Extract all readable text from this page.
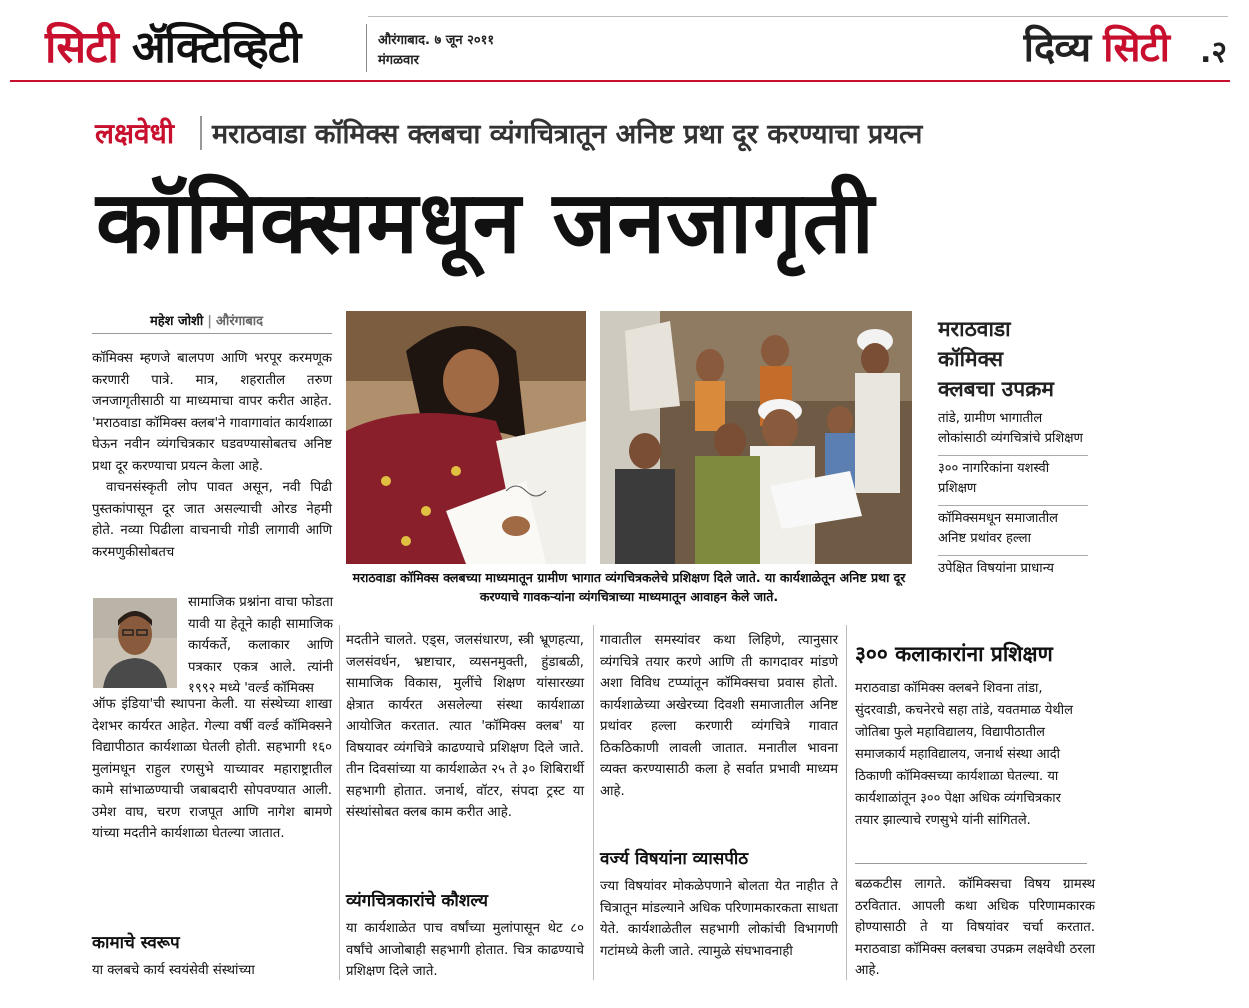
सिटी ॲक्टिव्हिटी	औरंगाबाद. ७ जून २०११
मंगळवार	दिव्य सिटी .२
लक्षवेधी मराठवाडा कॉमिक्स क्लबचा व्यंगचित्रातून अनिष्ट प्रथा दूर करण्याचा प्रयत्न
कॉमिक्समधून जनजागृती
महेश जोशी | औरंगाबाद

कॉमिक्स म्हणजे बालपण आणि भरपूर करमणूक करणारी पात्रे. मात्र, शहरातील तरुण जनजागृतीसाठी या माध्यमाचा वापर करीत आहेत. 'मराठवाडा कॉमिक्स क्लब'ने गावागावांत कार्यशाळा घेऊन नवीन व्यंगचित्रकार घडवण्यासोबतच अनिष्ट प्रथा दूर करण्याचा प्रयत्न केला आहे.

वाचनसंस्कृती लोप पावत असून, नवी पिढी पुस्तकांपासून दूर जात असल्याची ओरड नेहमी होते. नव्या पिढीला वाचनाची गोडी लागावी आणि करमणुकीसोबतच

सामाजिक प्रश्नांना वाचा फोडता यावी या हेतूने काही सामाजिक कार्यकर्ते, कलाकार आणि पत्रकार एकत्र आले. त्यांनी १९९२ मध्ये 'वर्ल्ड कॉमिक्स

ऑफ इंडिया'ची स्थापना केली. या संस्थेच्या शाखा देशभर कार्यरत आहेत. गेल्या वर्षी वर्ल्ड कॉमिक्सने विद्यापीठात कार्यशाळा घेतली होती. सहभागी १६० मुलांमधून राहुल रणसुभे याच्यावर महाराष्ट्रातील कामे सांभाळण्याची जबाबदारी सोपवण्यात आली. उमेश वाघ, चरण राजपूत आणि नागेश बामणे यांच्या मदतीने कार्यशाळा घेतल्या जातात.

कामाचे स्वरूप

या क्लबचे कार्य स्वयंसेवी संस्थांच्या

मराठवाडा कॉमिक्स क्लबच्या माध्यमातून ग्रामीण भागात व्यंगचित्रकलेचे प्रशिक्षण दिले जाते. या कार्यशाळेतून अनिष्ट प्रथा दूर करण्याचे गावकऱ्यांना व्यंगचित्राच्या माध्यमातून आवाहन केले जाते.

मदतीने चालते. एड्स, जलसंधारण, स्त्री भ्रूणहत्या, जलसंवर्धन, भ्रष्टाचार, व्यसनमुक्ती, हुंडाबळी, सामाजिक विकास, मुलींचे शिक्षण यांसारख्या क्षेत्रात कार्यरत असलेल्या संस्था कार्यशाळा आयोजित करतात. त्यात 'कॉमिक्स क्लब' या विषयावर व्यंगचित्रे काढण्याचे प्रशिक्षण दिले जाते. तीन दिवसांच्या या कार्यशाळेत २५ ते ३० शिबिरार्थी सहभागी होतात. जनार्थ, वॉटर, संपदा ट्रस्ट या संस्थांसोबत क्लब काम करीत आहे.

व्यंगचित्रकारांचे कौशल्य

या कार्यशाळेत पाच वर्षांच्या मुलांपासून थेट ८० वर्षांचे आजोबाही सहभागी होतात. चित्र काढण्याचे प्रशिक्षण दिले जाते.

गावातील समस्यांवर कथा लिहिणे, त्यानुसार व्यंगचित्रे तयार करणे आणि ती कागदावर मांडणे अशा विविध टप्प्यांतून कॉमिक्सचा प्रवास होतो. कार्यशाळेच्या अखेरच्या दिवशी समाजातील अनिष्ट प्रथांवर हल्ला करणारी व्यंगचित्रे गावात ठिकठिकाणी लावली जातात. मनातील भावना व्यक्त करण्यासाठी कला हे सर्वात प्रभावी माध्यम आहे.

वर्ज्य विषयांना व्यासपीठ

ज्या विषयांवर मोकळेपणाने बोलता येत नाहीत ते चित्रातून मांडल्याने अधिक परिणामकारकता साधता येते. कार्यशाळेतील सहभागी लोकांची विभागणी गटांमध्ये केली जाते. त्यामुळे संघभावनाही

मराठवाडा
कॉमिक्स
क्लबचा उपक्रम
तांडे, ग्रामीण भागातील लोकांसाठी व्यंगचित्रांचे प्रशिक्षण
३०० नागरिकांना यशस्वी प्रशिक्षण
कॉमिक्समधून समाजातील अनिष्ट प्रथांवर हल्ला
उपेक्षित विषयांना प्राधान्य
३०० कलाकारांना प्रशिक्षण
मराठवाडा कॉमिक्स क्लबने शिवना तांडा, सुंदरवाडी, कचनेरचे सहा तांडे, यवतमाळ येथील जोतिबा फुले महाविद्यालय, विद्यापीठातील समाजकार्य महाविद्यालय, जनार्थ संस्था आदी ठिकाणी कॉमिक्सच्या कार्यशाळा घेतल्या. या कार्यशाळांतून ३०० पेक्षा अधिक व्यंगचित्रकार तयार झाल्याचे रणसुभे यांनी सांगितले.

बळकटीस लागते. कॉमिक्सचा विषय ग्रामस्थ ठरवितात. आपली कथा अधिक परिणामकारक होण्यासाठी ते या विषयांवर चर्चा करतात. मराठवाडा कॉमिक्स क्लबचा उपक्रम लक्षवेधी ठरला आहे.
